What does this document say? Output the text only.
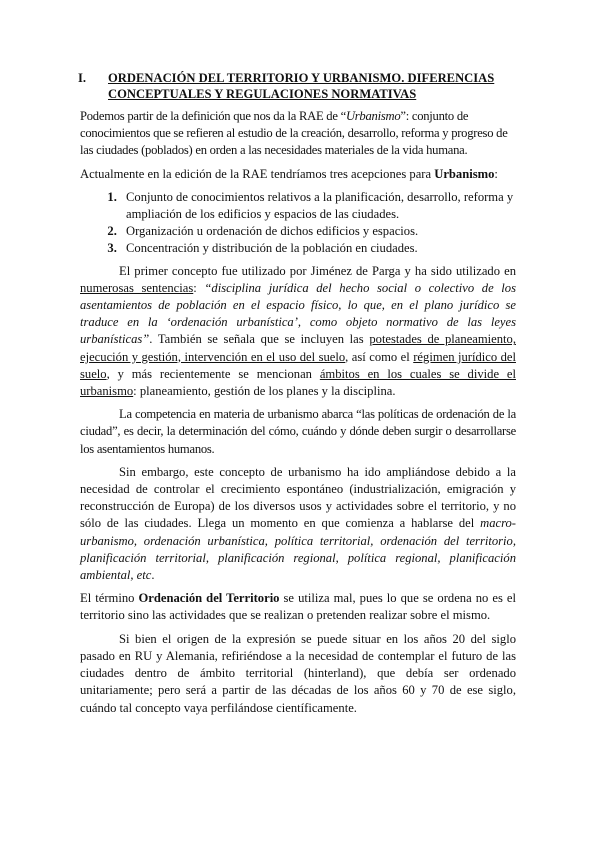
I. ORDENACIÓN DEL TERRITORIO Y URBANISMO. DIFERENCIAS CONCEPTUALES Y REGULACIONES NORMATIVAS

Podemos partir de la definición que nos da la RAE de “Urbanismo”: conjunto de conocimientos que se refieren al estudio de la creación, desarrollo, reforma y progreso de las ciudades (poblados) en orden a las necesidades materiales de la vida humana.

Actualmente en la edición de la RAE tendríamos tres acepciones para Urbanismo:

1. Conjunto de conocimientos relativos a la planificación, desarrollo, reforma y ampliación de los edificios y espacios de las ciudades.
2. Organización u ordenación de dichos edificios y espacios.
3. Concentración y distribución de la población en ciudades.

El primer concepto fue utilizado por Jiménez de Parga y ha sido utilizado en numerosas sentencias: “disciplina jurídica del hecho social o colectivo de los asentamientos de población en el espacio físico, lo que, en el plano jurídico se traduce en la ‘ordenación urbanística’, como objeto normativo de las leyes urbanísticas”. También se señala que se incluyen las potestades de planeamiento, ejecución y gestión, intervención en el uso del suelo, así como el régimen jurídico del suelo, y más recientemente se mencionan ámbitos en los cuales se divide el urbanismo: planeamiento, gestión de los planes y la disciplina.

La competencia en materia de urbanismo abarca “las políticas de ordenación de la ciudad”, es decir, la determinación del cómo, cuándo y dónde deben surgir o desarrollarse los asentamientos humanos.

Sin embargo, este concepto de urbanismo ha ido ampliándose debido a la necesidad de controlar el crecimiento espontáneo (industrialización, emigración y reconstrucción de Europa) de los diversos usos y actividades sobre el territorio, y no sólo de las ciudades. Llega un momento en que comienza a hablarse del macro-urbanismo, ordenación urbanística, política territorial, ordenación del territorio, planificación territorial, planificación regional, política regional, planificación ambiental, etc.

El término Ordenación del Territorio se utiliza mal, pues lo que se ordena no es el territorio sino las actividades que se realizan o pretenden realizar sobre el mismo.

Si bien el origen de la expresión se puede situar en los años 20 del siglo pasado en RU y Alemania, refiriéndose a la necesidad de contemplar el futuro de las ciudades dentro de ámbito territorial (hinterland), que debía ser ordenado unitariamente; pero será a partir de las décadas de los años 60 y 70 de ese siglo, cuándo tal concepto vaya perfilándose científicamente.
